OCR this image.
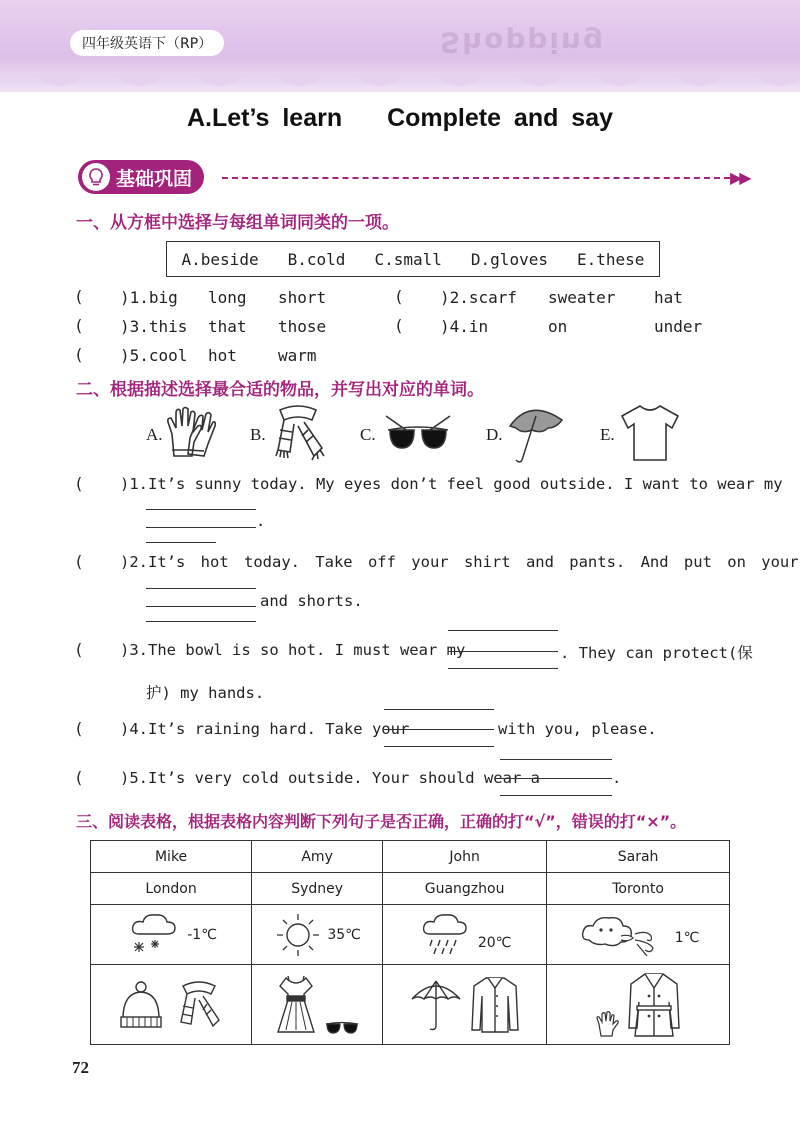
Shopping
四年级英语下（RP）
A.Let’s learn Complete and say
基础巩固	▶▶
一、从方框中选择与每组单词同类的一项。
A.beside B.cold C.small D.gloves E.these
( )1.big long short	( )2.scarf sweater hat
( )3.this that those	( )4.in	on	under
( )5.cool hot	warm
二、根据描述选择最合适的物品，并写出对应的单词。
A.	B.	C.	D.	E.
( )1.It’s sunny today. My eyes don’t feel good outside. I want to wear my
.
( )2.It’s hot today. Take off your shirt and pants. And put on your
and shorts.
( )3.The bowl is so hot. I must wear my	. They can protect(保
护) my hands.
( )4.It’s raining hard. Take your	with you, please.
( )5.It’s very cold outside. Your should wear a	.
三、阅读表格，根据表格内容判断下列句子是否正确，正确的打“√”，错误的打“×”。
Mike	Amy	John	Sarah
London	Sydney	Guangzhou	Toronto

-1℃	35℃	20℃	1℃

72
